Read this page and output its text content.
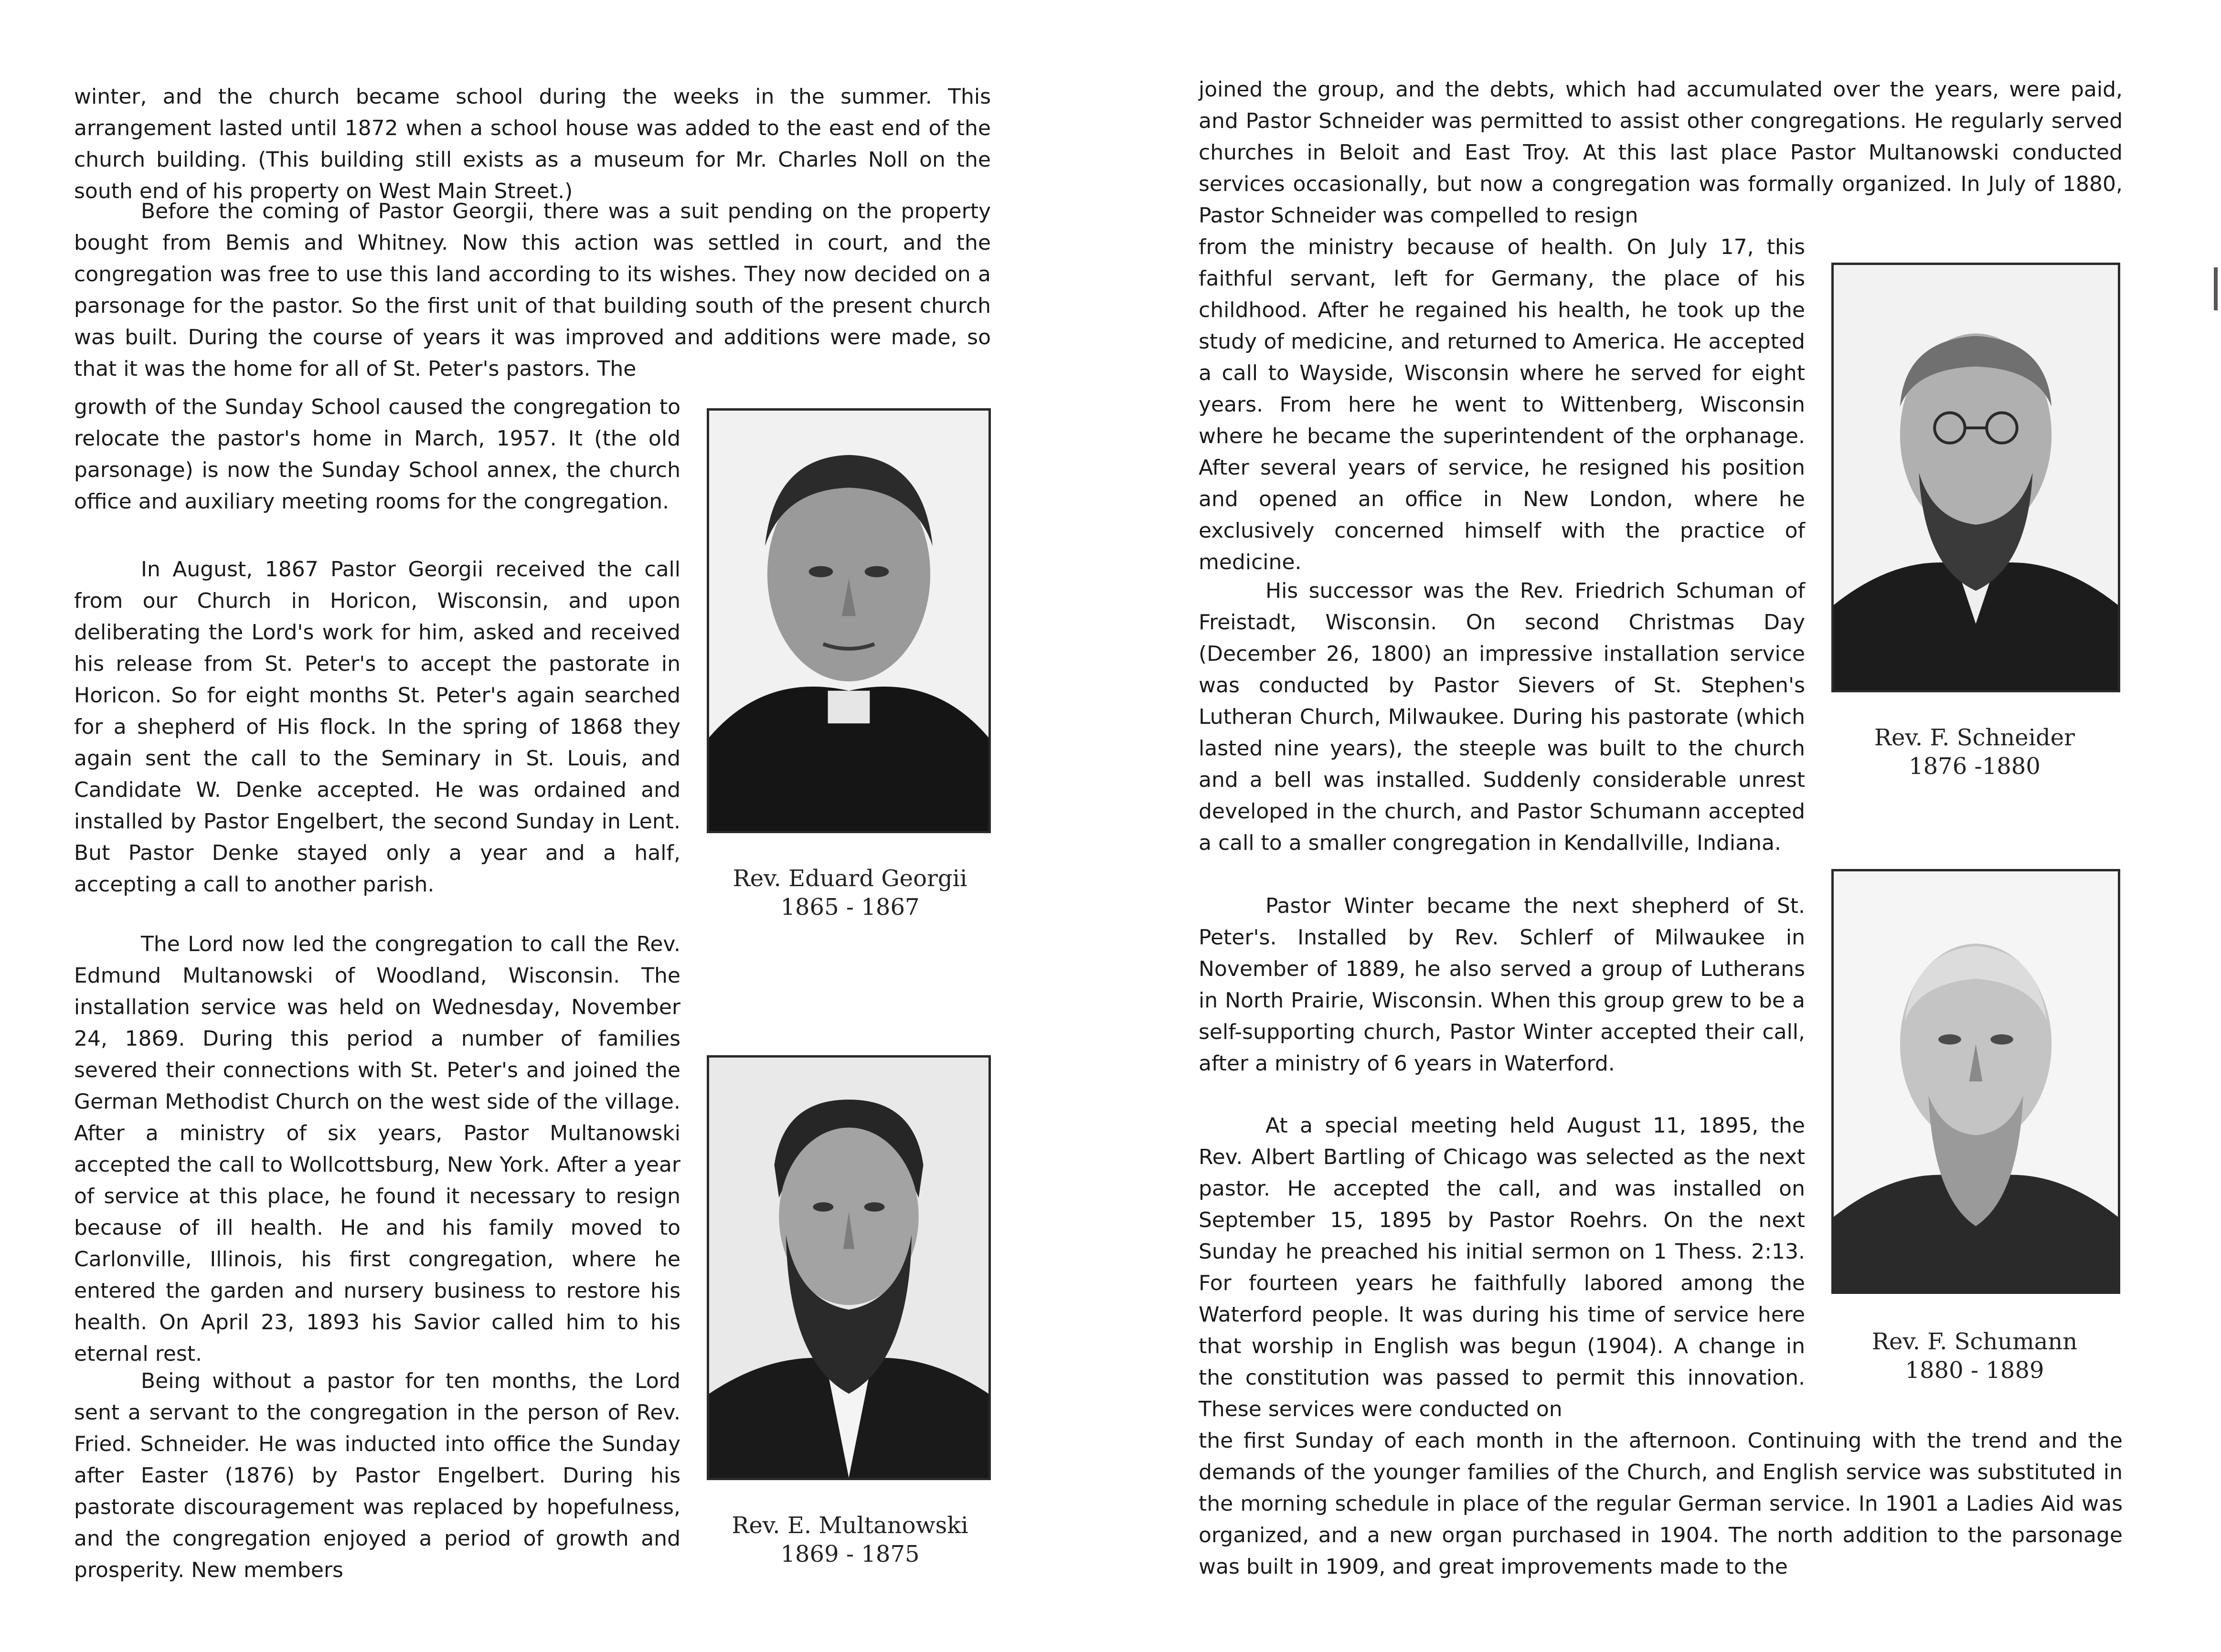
winter, and the church became school during the weeks in the summer. This arrangement lasted until 1872 when a school house was added to the east end of the church building. (This building still exists as a museum for Mr. Charles Noll on the south end of his property on West Main Street.)

Before the coming of Pastor Georgii, there was a suit pending on the property bought from Bemis and Whitney. Now this action was settled in court, and the congregation was free to use this land according to its wishes. They now decided on a parsonage for the pastor. So the first unit of that building south of the present church was built. During the course of years it was improved and additions were made, so that it was the home for all of St. Peter's pastors. The

growth of the Sunday School caused the congregation to relocate the pastor's home in March, 1957. It (the old parsonage) is now the Sunday School annex, the church office and auxiliary meeting rooms for the congregation.

In August, 1867 Pastor Georgii received the call from our Church in Horicon, Wisconsin, and upon deliberating the Lord's work for him, asked and received his release from St. Peter's to accept the pastorate in Horicon. So for eight months St. Peter's again searched for a shepherd of His flock. In the spring of 1868 they again sent the call to the Seminary in St. Louis, and Candidate W. Denke accepted. He was ordained and installed by Pastor Engelbert, the second Sunday in Lent. But Pastor Denke stayed only a year and a half, accepting a call to another parish.

The Lord now led the congregation to call the Rev. Edmund Multanowski of Woodland, Wisconsin. The installation service was held on Wednesday, November 24, 1869. During this period a number of families severed their connections with St. Peter's and joined the German Methodist Church on the west side of the village. After a ministry of six years, Pastor Multanowski accepted the call to Wollcottsburg, New York. After a year of service at this place, he found it necessary to resign because of ill health. He and his family moved to Carlonville, Illinois, his first congregation, where he entered the garden and nursery business to restore his health. On April 23, 1893 his Savior called him to his eternal rest.

Being without a pastor for ten months, the Lord sent a servant to the congregation in the person of Rev. Fried. Schneider. He was inducted into office the Sunday after Easter (1876) by Pastor Engelbert. During his pastorate discouragement was replaced by hopefulness, and the congregation enjoyed a period of growth and prosperity. New members

Rev. Eduard Georgii
1865 - 1867
Rev. E. Multanowski
1869 - 1875

joined the group, and the debts, which had accumulated over the years, were paid, and Pastor Schneider was permitted to assist other congregations. He regularly served churches in Beloit and East Troy. At this last place Pastor Multanowski conducted services occasionally, but now a congregation was formally organized. In July of 1880, Pastor Schneider was compelled to resign

from the ministry because of health. On July 17, this faithful servant, left for Germany, the place of his childhood. After he regained his health, he took up the study of medicine, and returned to America. He accepted a call to Wayside, Wisconsin where he served for eight years. From here he went to Wittenberg, Wisconsin where he became the superintendent of the orphanage. After several years of service, he resigned his position and opened an office in New London, where he exclusively concerned himself with the practice of medicine.

His successor was the Rev. Friedrich Schuman of Freistadt, Wisconsin. On second Christmas Day (December 26, 1800) an impressive installation service was conducted by Pastor Sievers of St. Stephen's Lutheran Church, Milwaukee. During his pastorate (which lasted nine years), the steeple was built to the church and a bell was installed. Suddenly considerable unrest developed in the church, and Pastor Schumann accepted a call to a smaller congregation in Kendallville, Indiana.

Pastor Winter became the next shepherd of St. Peter's. Installed by Rev. Schlerf of Milwaukee in November of 1889, he also served a group of Lutherans in North Prairie, Wisconsin. When this group grew to be a self-supporting church, Pastor Winter accepted their call, after a ministry of 6 years in Waterford.

At a special meeting held August 11, 1895, the Rev. Albert Bartling of Chicago was selected as the next pastor. He accepted the call, and was installed on September 15, 1895 by Pastor Roehrs. On the next Sunday he preached his initial sermon on 1 Thess. 2:13. For fourteen years he faithfully labored among the Waterford people. It was during his time of service here that worship in English was begun (1904). A change in the constitution was passed to permit this innovation. These services were conducted on

the first Sunday of each month in the afternoon. Continuing with the trend and the demands of the younger families of the Church, and English service was substituted in the morning schedule in place of the regular German service. In 1901 a Ladies Aid was organized, and a new organ purchased in 1904. The north addition to the parsonage was built in 1909, and great improvements made to the

Rev. F. Schneider
1876 -1880
Rev. F. Schumann
1880 - 1889
